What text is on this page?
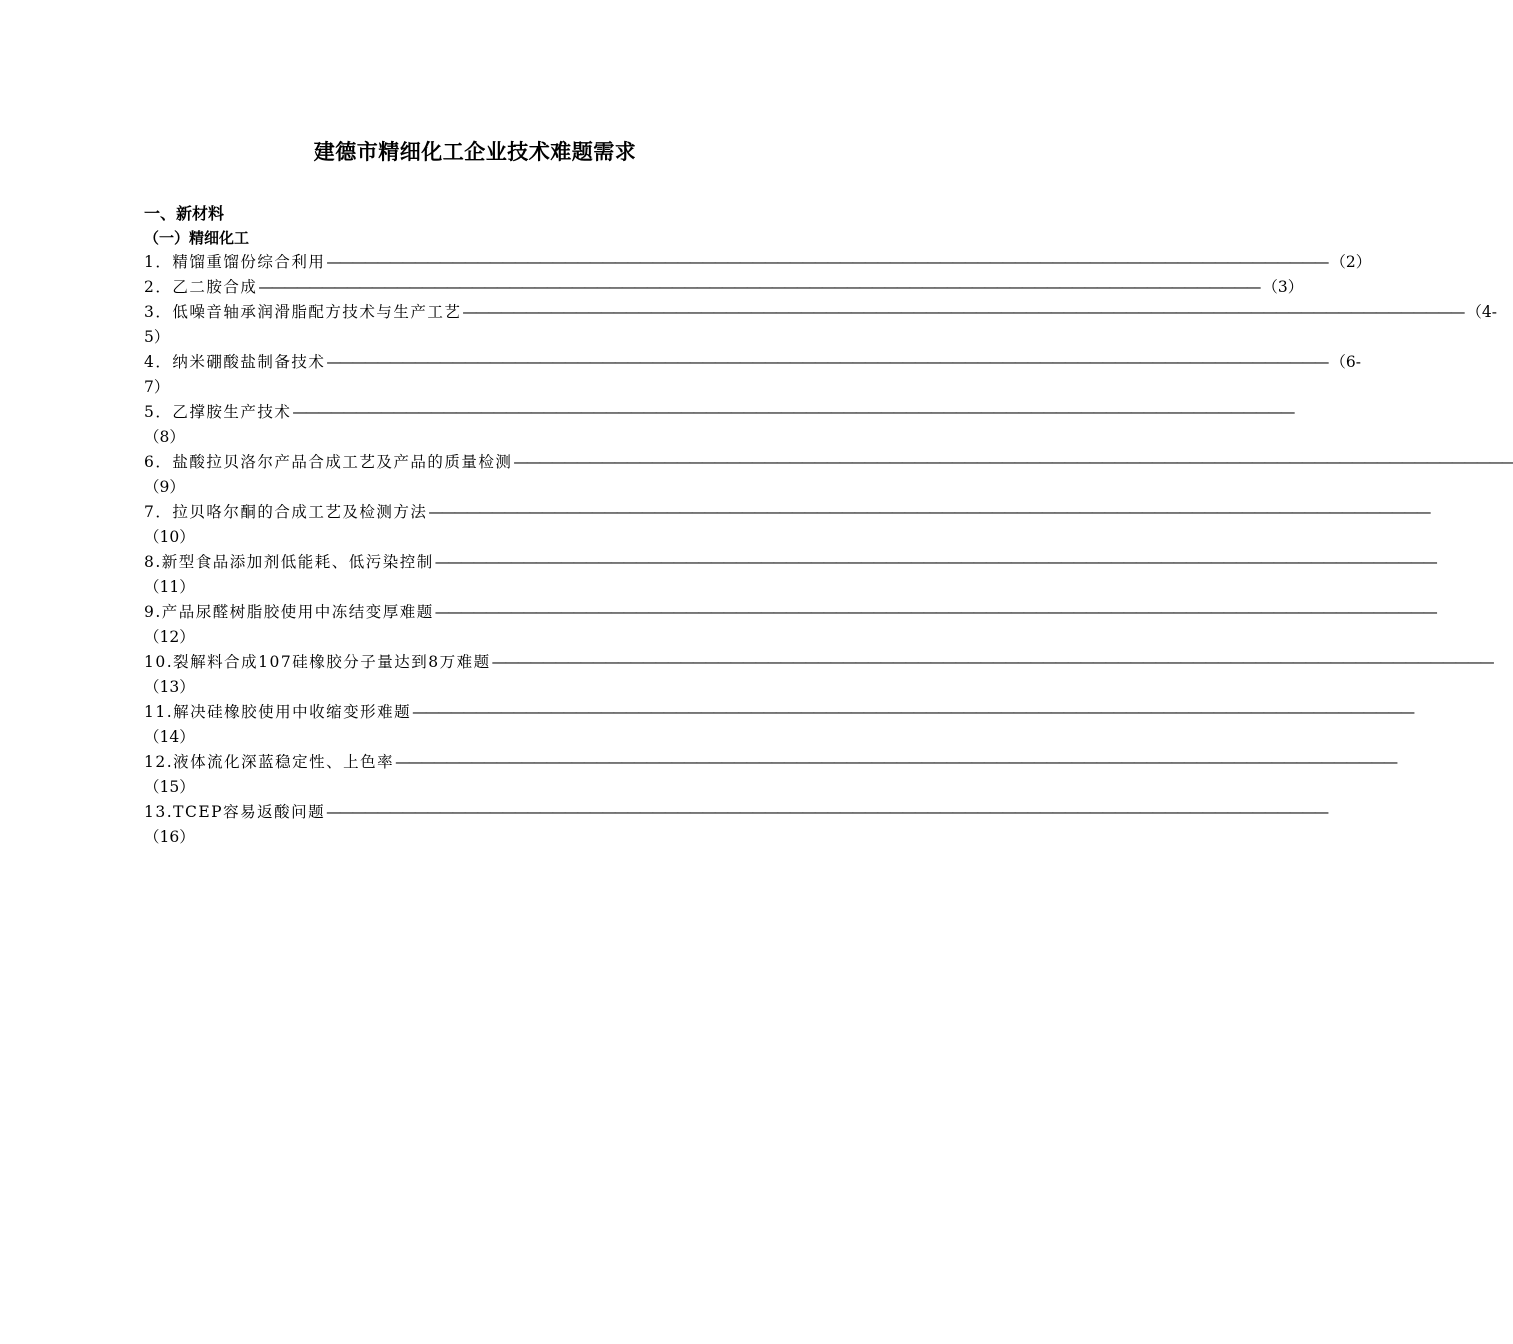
建德市精细化工企业技术难题需求
一、新材料
（一）精细化工
1．精馏重馏份综合利用 ———————————————————————————————————————————————————————————————————————————————— （2）
2．乙二胺合成 ———————————————————————————————————————————————————————————————————————————————— （3）
3．低噪音轴承润滑脂配方技术与生产工艺 ———————————————————————————————————————————————————————————————————————————————— （4-
5）
4．纳米硼酸盐制备技术 ———————————————————————————————————————————————————————————————————————————————— （6-
7）
5．乙撑胺生产技术 ————————————————————————————————————————————————————————————————————————————————
（8）
6．盐酸拉贝洛尔产品合成工艺及产品的质量检测 ————————————————————————————————————————————————————————————————————————————————
（9）
7．拉贝咯尔酮的合成工艺及检测方法 ————————————————————————————————————————————————————————————————————————————————
（10）
8.新型食品添加剂低能耗、低污染控制 ————————————————————————————————————————————————————————————————————————————————
（11）
9.产品尿醛树脂胶使用中冻结变厚难题 ————————————————————————————————————————————————————————————————————————————————
（12）
10.裂解料合成107硅橡胶分子量达到8万难题 ————————————————————————————————————————————————————————————————————————————————
（13）
11.解决硅橡胶使用中收缩变形难题 ————————————————————————————————————————————————————————————————————————————————
（14）
12.液体流化深蓝稳定性、上色率 ————————————————————————————————————————————————————————————————————————————————
（15）
13.TCEP容易返酸问题 ————————————————————————————————————————————————————————————————————————————————
（16）
